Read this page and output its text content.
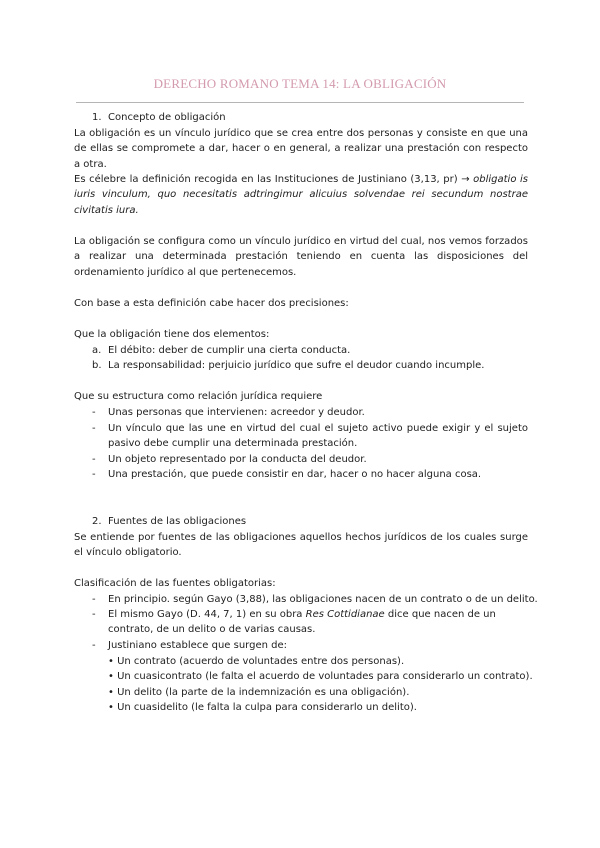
DERECHO ROMANO TEMA 14: LA OBLIGACIÓN
1. Concepto de obligación

La obligación es un vínculo jurídico que se crea entre dos personas y consiste en que una de ellas se compromete a dar, hacer o en general, a realizar una prestación con respecto a otra.

Es célebre la definición recogida en las Instituciones de Justiniano (3,13, pr) → obligatio is iuris vinculum, quo necesitatis adtringimur alicuius solvendae rei secundum nostrae civitatis iura.

La obligación se configura como un vínculo jurídico en virtud del cual, nos vemos forzados a realizar una determinada prestación teniendo en cuenta las disposiciones del ordenamiento jurídico al que pertenecemos.

Con base a esta definición cabe hacer dos precisiones:

Que la obligación tiene dos elementos:

a. El débito: deber de cumplir una cierta conducta.
b. La responsabilidad: perjuicio jurídico que sufre el deudor cuando incumple.

Que su estructura como relación jurídica requiere

- Unas personas que intervienen: acreedor y deudor.
- Un vínculo que las une en virtud del cual el sujeto activo puede exigir y el sujeto pasivo debe cumplir una determinada prestación.

- Un objeto representado por la conducta del deudor.
- Una prestación, que puede consistir en dar, hacer o no hacer alguna cosa.
2. Fuentes de las obligaciones

Se entiende por fuentes de las obligaciones aquellos hechos jurídicos de los cuales surge el vínculo obligatorio.

Clasificación de las fuentes obligatorias:

- En principio. según Gayo (3,88), las obligaciones nacen de un contrato o de un delito.
- El mismo Gayo (D. 44, 7, 1) en su obra Res Cottidianae dice que nacen de un contrato, de un delito o de varias causas.

- Justiniano establece que surgen de:
• Un contrato (acuerdo de voluntades entre dos personas).
• Un cuasicontrato (le falta el acuerdo de voluntades para considerarlo un contrato).
• Un delito (la parte de la indemnización es una obligación).
• Un cuasidelito (le falta la culpa para considerarlo un delito).
